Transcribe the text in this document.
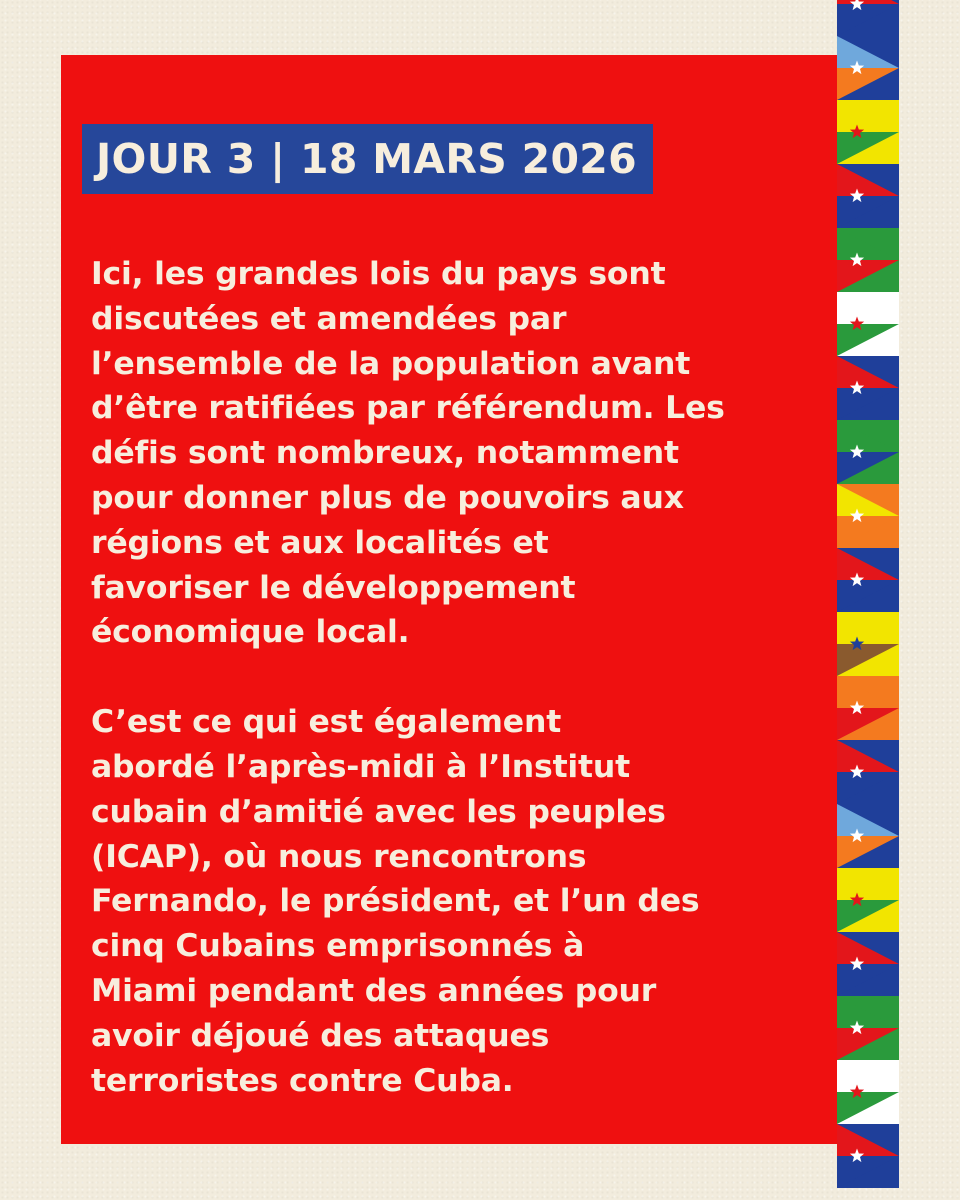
JOUR 3 | 18 MARS 2026

Ici, les grandes lois du pays sont
discutées et amendées par
l’ensemble de la population avant
d’être ratifiées par référendum. Les
défis sont nombreux, notamment
pour donner plus de pouvoirs aux
régions et aux localités et
favoriser le développement
économique local.

C’est ce qui est également
abordé l’après-midi à l’Institut
cubain d’amitié avec les peuples
(ICAP), où nous rencontrons
Fernando, le président, et l’un des
cinq Cubains emprisonnés à
Miami pendant des années pour
avoir déjoué des attaques
terroristes contre Cuba.
